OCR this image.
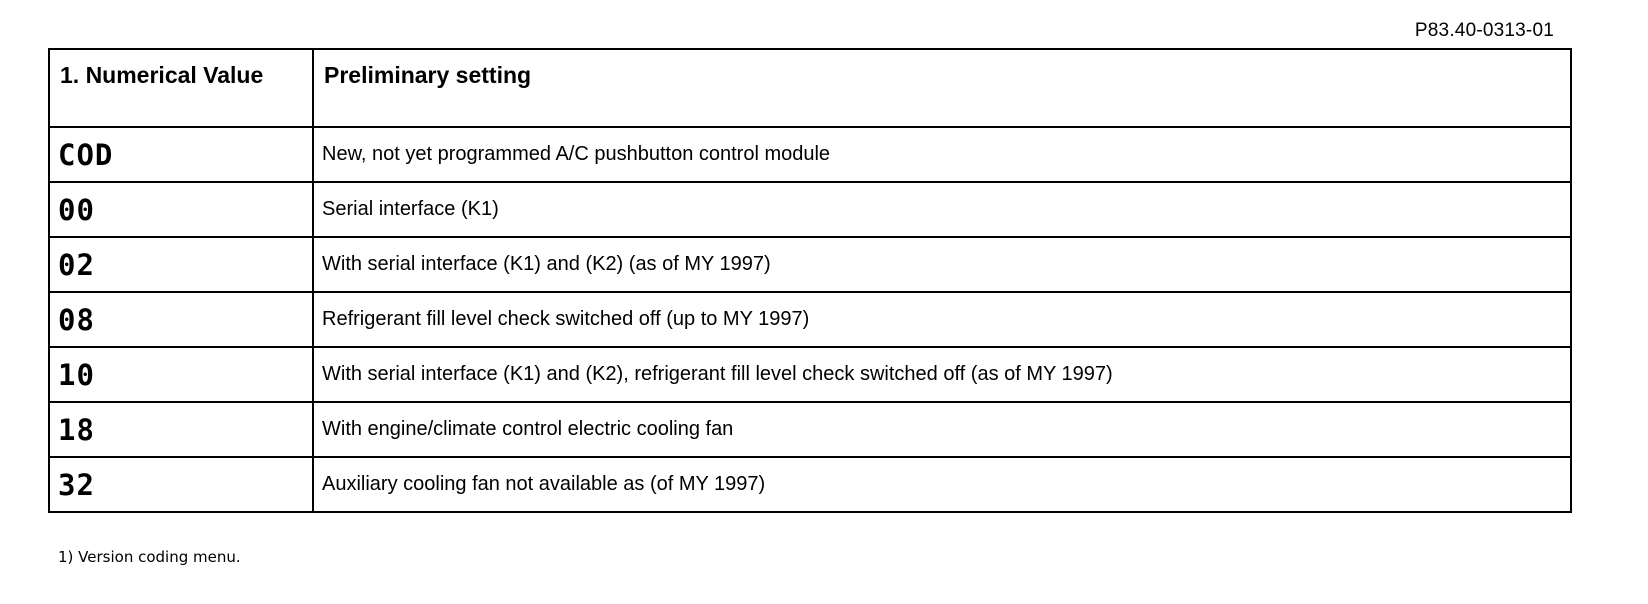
P83.40-0313-01
1. Numerical Value	Preliminary setting
COD	New, not yet programmed A/C pushbutton control module
00	Serial interface (K1)
02	With serial interface (K1) and (K2) (as of MY 1997)
08	Refrigerant fill level check switched off (up to MY 1997)
10	With serial interface (K1) and (K2), refrigerant fill level check switched off (as of MY 1997)
18	With engine/climate control electric cooling fan
32	Auxiliary cooling fan not available as (of MY 1997)
1) Version coding menu.
